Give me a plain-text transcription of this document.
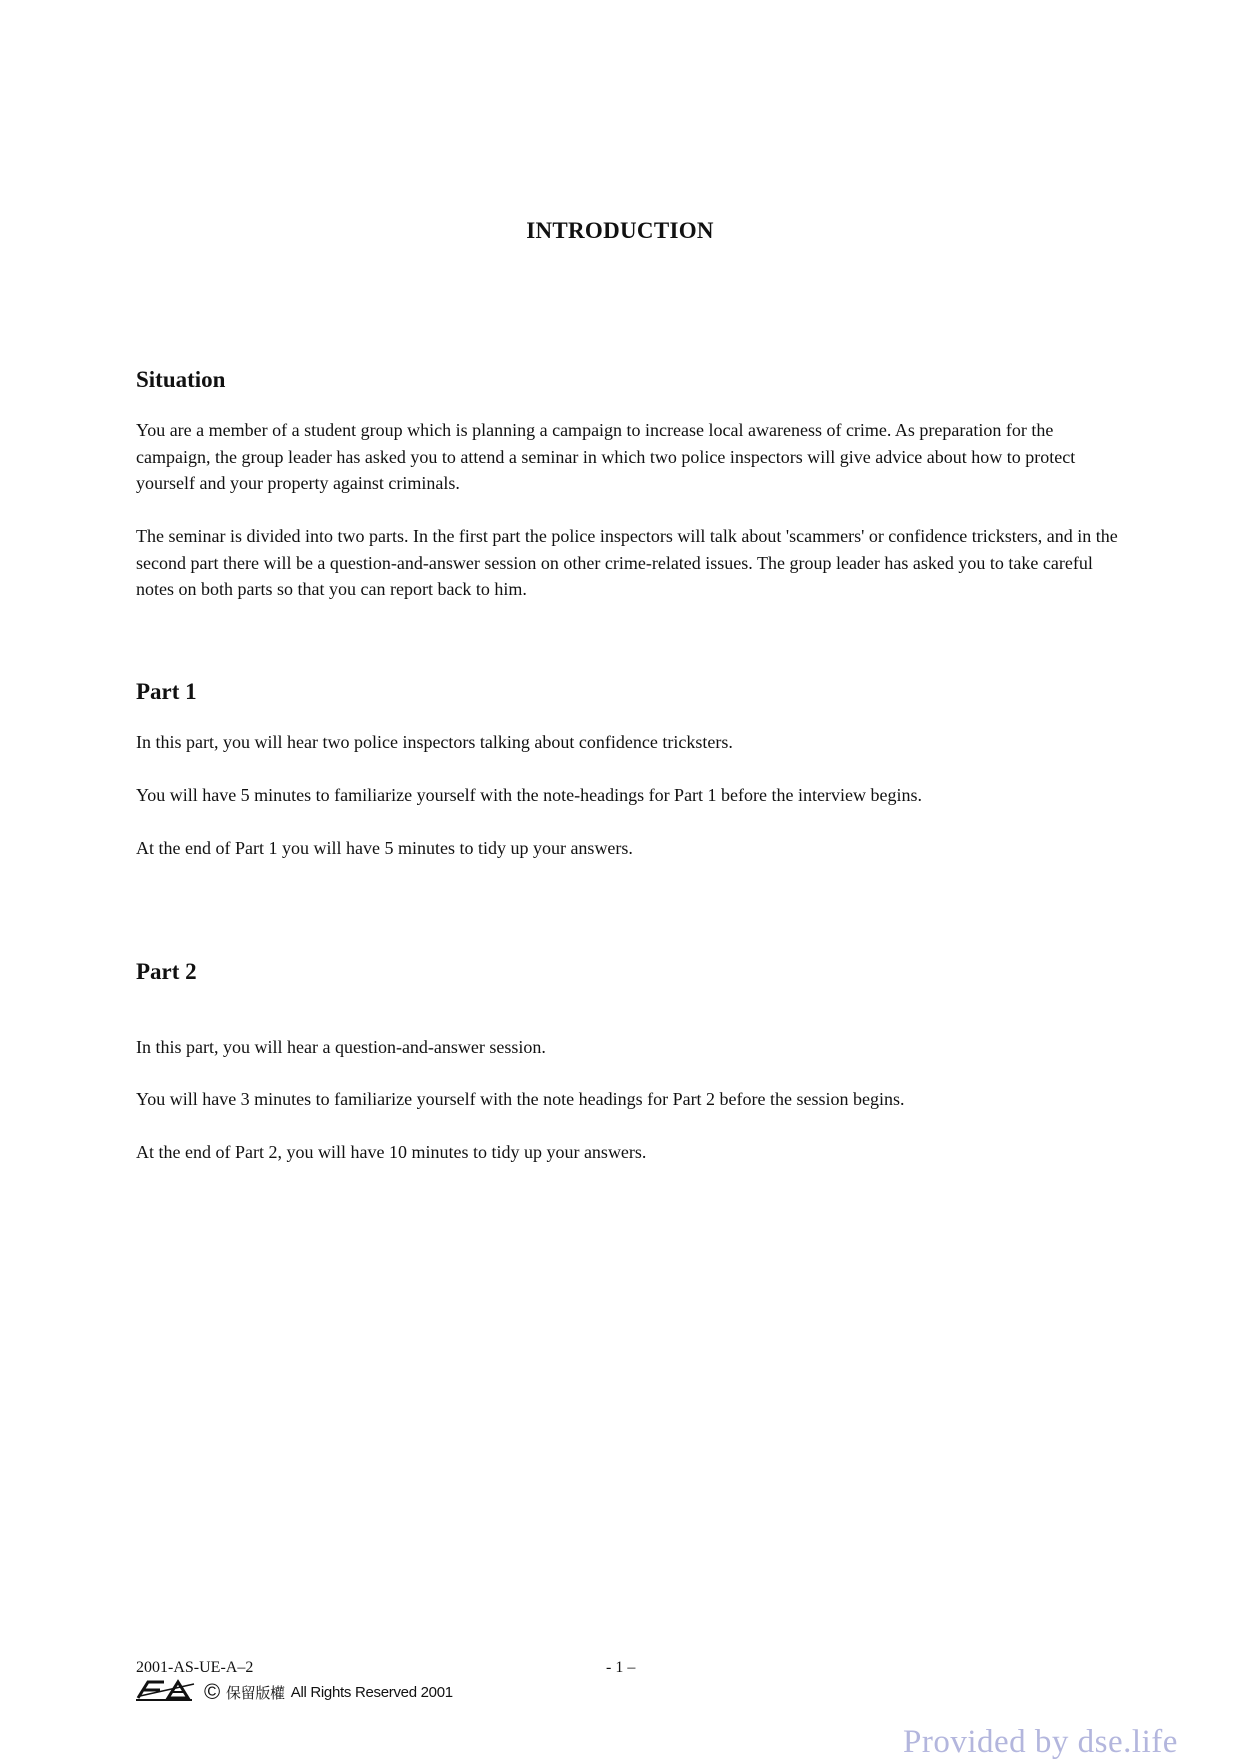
INTRODUCTION
Situation

You are a member of a student group which is planning a campaign to increase local awareness of crime. As preparation for the campaign, the group leader has asked you to attend a seminar in which two police inspectors will give advice about how to protect yourself and your property against criminals.

The seminar is divided into two parts. In the first part the police inspectors will talk about 'scammers' or confidence tricksters, and in the second part there will be a question-and-answer session on other crime-related issues. The group leader has asked you to take careful notes on both parts so that you can report back to him.

Part 1

In this part, you will hear two police inspectors talking about confidence tricksters.

You will have 5 minutes to familiarize yourself with the note-headings for Part 1 before the interview begins.

At the end of Part 1 you will have 5 minutes to tidy up your answers.

Part 2

In this part, you will hear a question-and-answer session.

You will have 3 minutes to familiarize yourself with the note headings for Part 2 before the session begins.

At the end of Part 2, you will have 10 minutes to tidy up your answers.

2001-AS-UE-A–2	- 1 –
© 保留版權 All Rights Reserved 2001
Provided by dse.life
